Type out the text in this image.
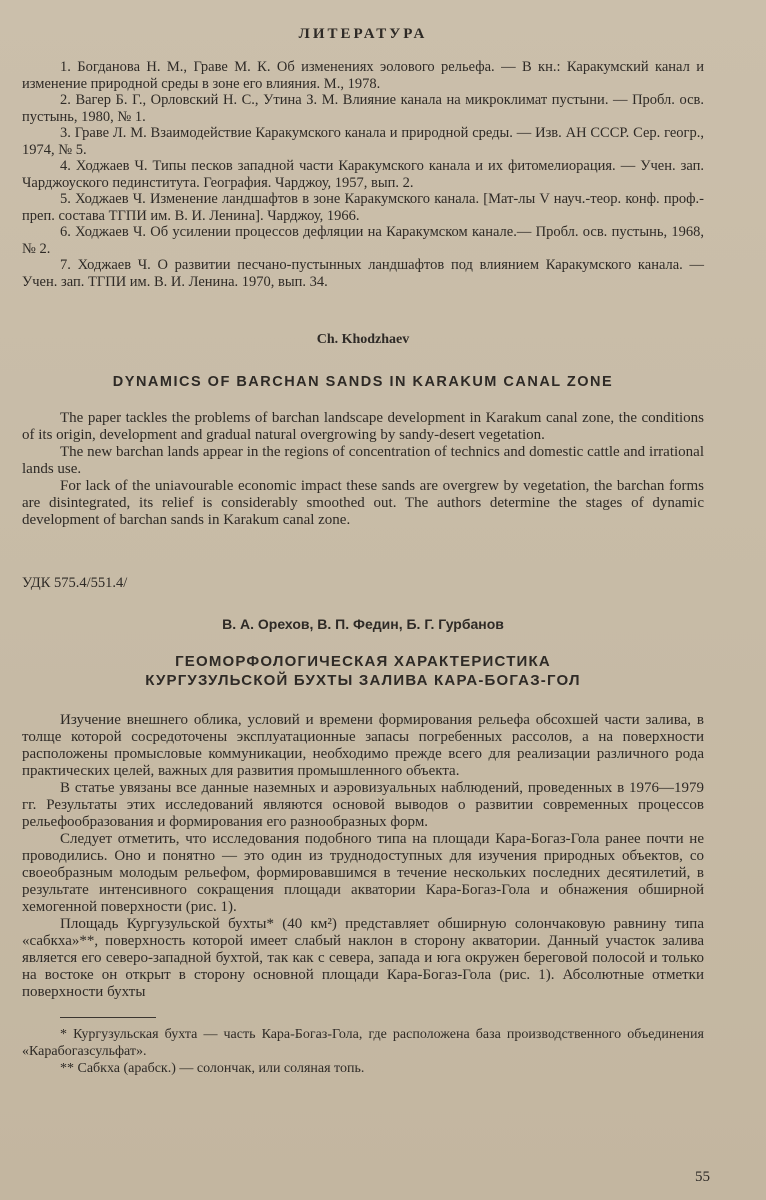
ЛИТЕРАТУРА

1. Богданова Н. М., Граве М. К. Об изменениях эолового рельефа. — В кн.: Каракумский канал и изменение природной среды в зоне его влияния. М., 1978.

2. Вагер Б. Г., Орловский Н. С., Утина З. М. Влияние канала на микроклимат пустыни. — Пробл. осв. пустынь, 1980, № 1.

3. Граве Л. М. Взаимодействие Каракумского канала и природной среды. — Изв. АН СССР. Сер. геогр., 1974, № 5.

4. Ходжаев Ч. Типы песков западной части Каракумского канала и их фитомелиорация. — Учен. зап. Чарджоуского пединститута. География. Чарджоу, 1957, вып. 2.

5. Ходжаев Ч. Изменение ландшафтов в зоне Каракумского канала. [Мат-лы V науч.-теор. конф. проф.-преп. состава ТГПИ им. В. И. Ленина]. Чарджоу, 1966.

6. Ходжаев Ч. Об усилении процессов дефляции на Каракумском канале.— Пробл. осв. пустынь, 1968, № 2.

7. Ходжаев Ч. О развитии песчано-пустынных ландшафтов под влиянием Каракумского канала. — Учен. зап. ТГПИ им. В. И. Ленина. 1970, вып. 34.

Ch. Khodzhaev
DYNAMICS OF BARCHAN SANDS IN KARAKUM CANAL ZONE

The paper tackles the problems of barchan landscape development in Karakum canal zone, the conditions of its origin, development and gradual natural overgrowing by sandy-desert vegetation.

The new barchan lands appear in the regions of concentration of technics and domestic cattle and irrational lands use.

For lack of the uniavourable economic impact these sands are overgrew by vegetation, the barchan forms are disintegrated, its relief is considerably smoothed out. The authors determine the stages of dynamic development of barchan sands in Karakum canal zone.

УДК 575.4/551.4/
В. А. Орехов, В. П. Федин, Б. Г. Гурбанов
ГЕОМОРФОЛОГИЧЕСКАЯ ХАРАКТЕРИСТИКА
КУРГУЗУЛЬСКОЙ БУХТЫ ЗАЛИВА КАРА-БОГАЗ-ГОЛ

Изучение внешнего облика, условий и времени формирования рельефа обсохшей части залива, в толще которой сосредоточены эксплуатационные запасы погребенных рассолов, а на поверхности расположены промысловые коммуникации, необходимо прежде всего для реализации различного рода практических целей, важных для развития промышленного объекта.

В статье увязаны все данные наземных и аэровизуальных наблюдений, проведенных в 1976—1979 гг. Результаты этих исследований являются основой выводов о развитии современных процессов рельефообразования и формирования его разнообразных форм.

Следует отметить, что исследования подобного типа на площади Кара-Богаз-Гола ранее почти не проводились. Оно и понятно — это один из труднодоступных для изучения природных объектов, со своеобразным молодым рельефом, формировавшимся в течение нескольких последних десятилетий, в результате интенсивного сокращения площади акватории Кара-Богаз-Гола и обнажения обширной хемогенной поверхности (рис. 1).

Площадь Кургузульской бухты* (40 км²) представляет обширную солончаковую равнину типа «сабкха»**, поверхность которой имеет слабый наклон в сторону акватории. Данный участок залива является его северо-западной бухтой, так как с севера, запада и юга окружен береговой полосой и только на востоке он открыт в сторону основной площади Кара-Богаз-Гола (рис. 1). Абсолютные отметки поверхности бухты

* Кургузульская бухта — часть Кара-Богаз-Гола, где расположена база производственного объединения «Карабогазсульфат».

** Сабкха (арабск.) — солончак, или соляная топь.

55
